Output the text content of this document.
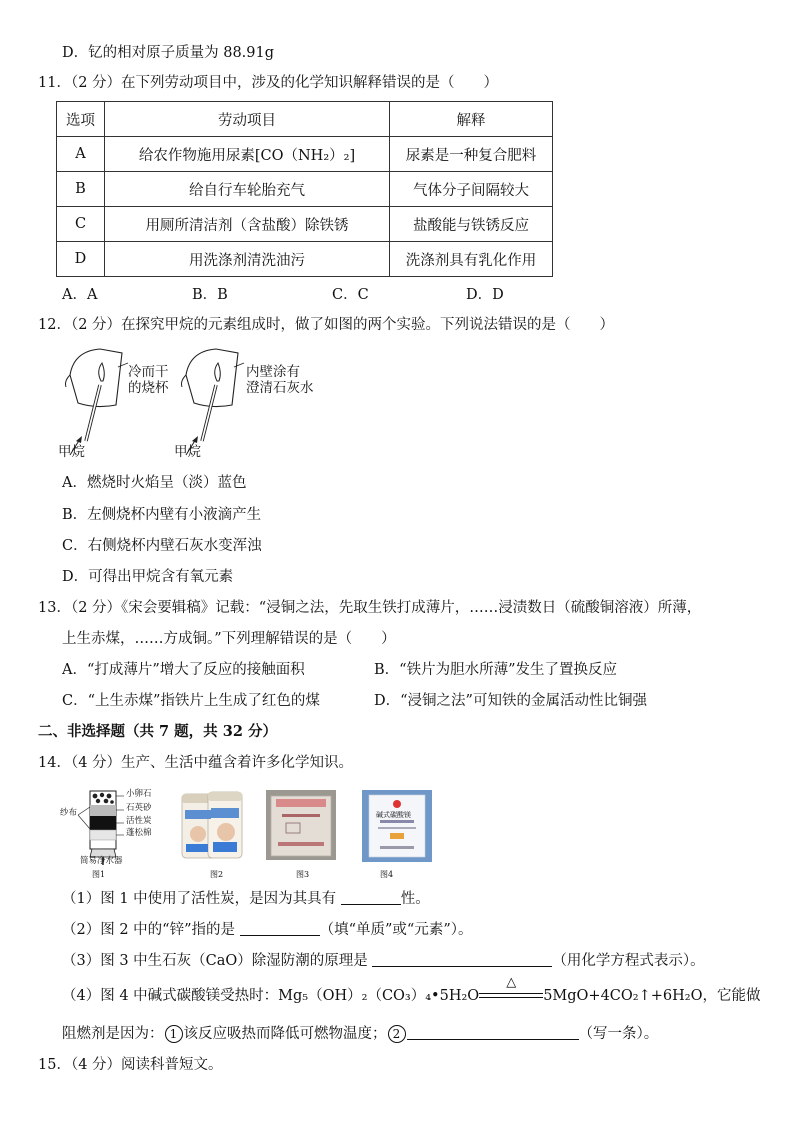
D．钇的相对原子质量为 88.91g
11．（2 分）在下列劳动项目中，涉及的化学知识解释错误的是（　　）
选项	劳动项目	解释
A	给农作物施用尿素[CO（NH₂）₂]	尿素是一种复合肥料
B	给自行车轮胎充气	气体分子间隔较大
C	用厕所清洁剂（含盐酸）除铁锈	盐酸能与铁锈反应
D	用洗涤剂清洗油污	洗涤剂具有乳化作用
A．A	B．B	C．C	D．D
12．（2 分）在探究甲烷的元素组成时，做了如图的两个实验。下列说法错误的是（　　）
冷而干
的烧杯
内壁涂有
澄清石灰水
甲烷	甲烷
A．燃烧时火焰呈（淡）蓝色
B．左侧烧杯内壁有小液滴产生
C．右侧烧杯内壁石灰水变浑浊
D．可得出甲烷含有氧元素
13．（2 分）《宋会要辑稿》记载：“浸铜之法，先取生铁打成薄片，……浸渍数日（硫酸铜溶液）所薄，
上生赤煤，……方成铜。”下列理解错误的是（　　）
A．“打成薄片”增大了反应的接触面积	B．“铁片为胆水所薄”发生了置换反应
C．“上生赤煤”指铁片上生成了红色的煤	D．“浸铜之法”可知铁的金属活动性比铜强
二、非选择题（共 7 题，共 32 分）
14．（4 分）生产、生活中蕴含着许多化学知识。
小卵石
石英砂
活性炭
蓬松棉
纱布
简易净水器
图1	图2	图3
碱式碳酸镁
图4
（1）图 1 中使用了活性炭，是因为其具有	性。
（2）图 2 中的“锌”指的是	（填“单质”或“元素”）。
（3）图 3 中生石灰（CaO）除湿防潮的原理是	（用化学方程式表示）。
（4）图 4 中碱式碳酸镁受热时：Mg₅（OH）₂（CO₃）₄•5H₂O
△
5MgO+4CO₂↑+6H₂O，它能做
阻燃剂是因为： 1 该反应吸热而降低可燃物温度； 2	（写一条）。
15．（4 分）阅读科普短文。
